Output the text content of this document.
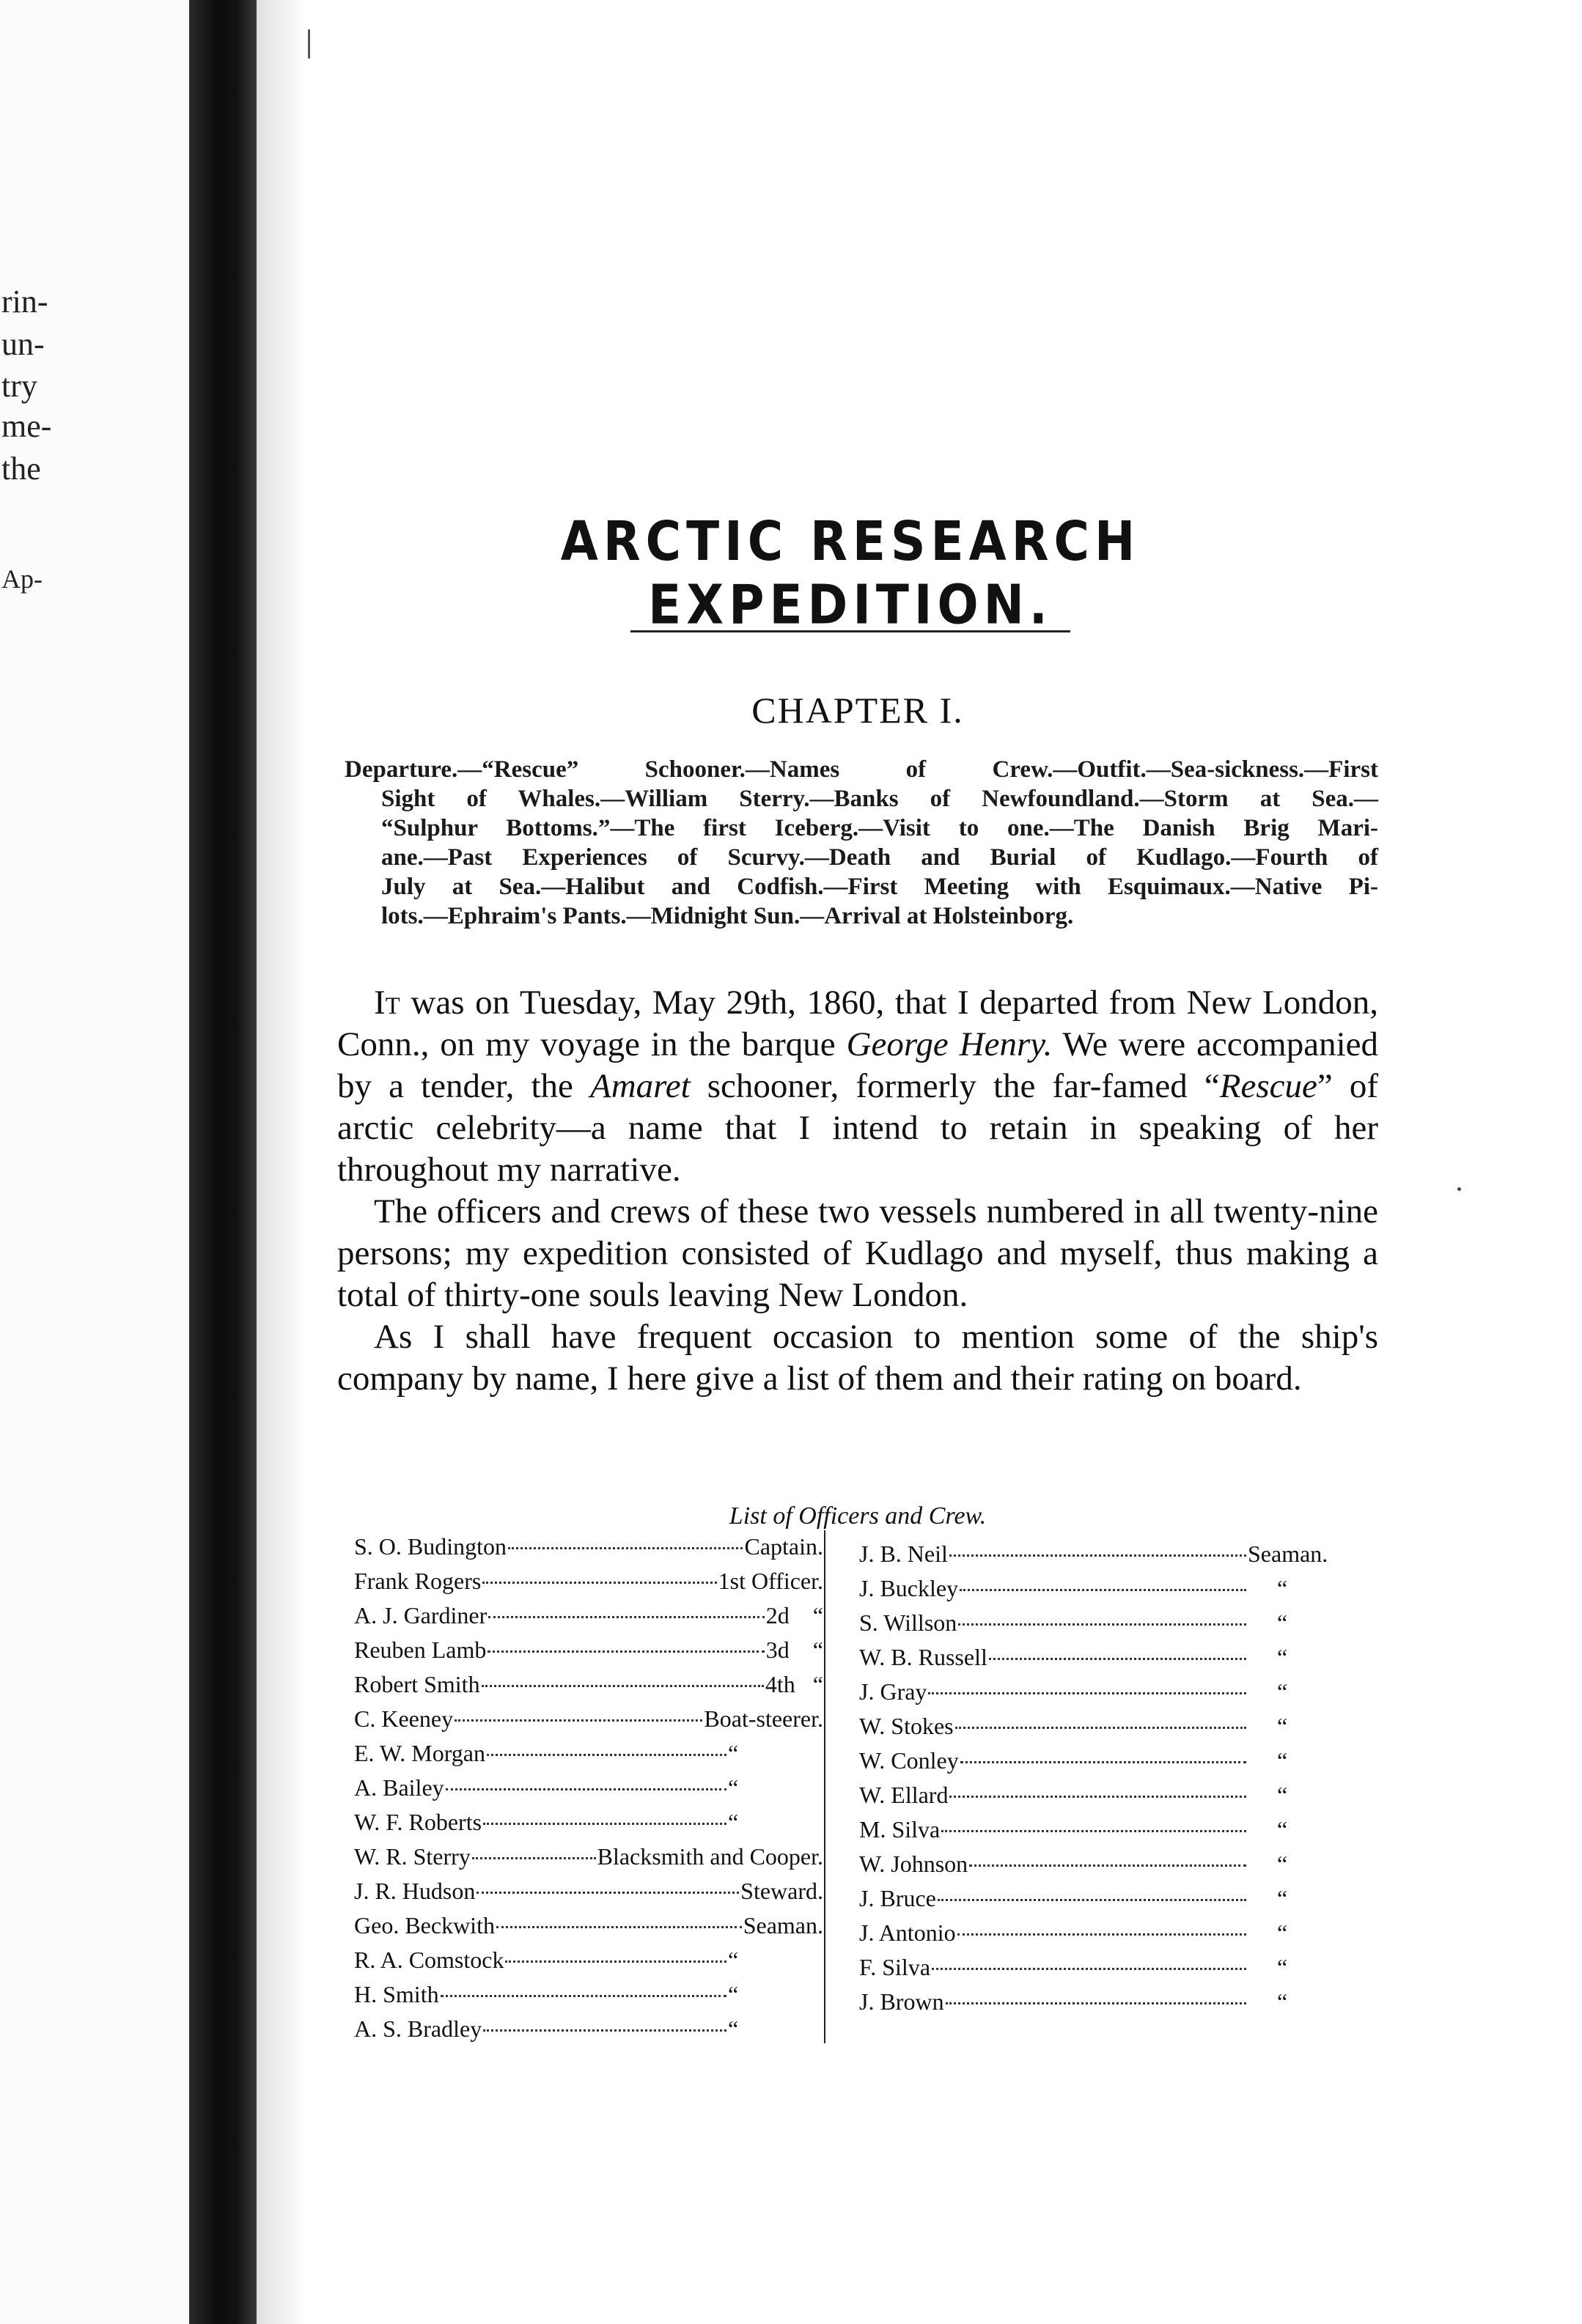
rin-
un-
try
me-
the
Ap-
ARCTIC RESEARCH EXPEDITION.
CHAPTER I.
Departure.—“Rescue” Schooner.—Names of Crew.—Outfit.—Sea-sickness.—First
Sight of Whales.—William Sterry.—Banks of Newfoundland.—Storm at Sea.—
“Sulphur Bottoms.”—The first Iceberg.—Visit to one.—The Danish Brig Mari-
ane.—Past Experiences of Scurvy.—Death and Burial of Kudlago.—Fourth of
July at Sea.—Halibut and Codfish.—First Meeting with Esquimaux.—Native Pi-
lots.—Ephraim's Pants.—Midnight Sun.—Arrival at Holsteinborg.

It was on Tuesday, May 29th, 1860, that I departed from New London, Conn., on my voyage in the barque George Henry. We were accompanied by a tender, the Amaret schooner, formerly the far-famed “Rescue” of arctic celebrity—a name that I intend to retain in speaking of her throughout my narrative.

The officers and crews of these two vessels numbered in all twenty-nine persons; my expedition consisted of Kudlago and myself, thus making a total of thirty-one souls leaving New London.

As I shall have frequent occasion to mention some of the ship's company by name, I here give a list of them and their rating on board.

List of Officers and Crew.
S. O. Budington	Captain.
Frank Rogers	1st Officer.
A. J. Gardiner	2d    “
Reuben Lamb	3d    “
Robert Smith	4th   “
C. Keeney	Boat-steerer.
E. W. Morgan	“
A. Bailey	“
W. F. Roberts	“
W. R. Sterry	Blacksmith and Cooper.
J. R. Hudson	Steward.
Geo. Beckwith	Seaman.
R. A. Comstock	“
H. Smith	“
A. S. Bradley	“
J. B. Neil	Seaman.
J. Buckley	“
S. Willson	“
W. B. Russell	“
J. Gray	“
W. Stokes	“
W. Conley	“
W. Ellard	“
M. Silva	“
W. Johnson	“
J. Bruce	“
J. Antonio	“
F. Silva	“
J. Brown	“
